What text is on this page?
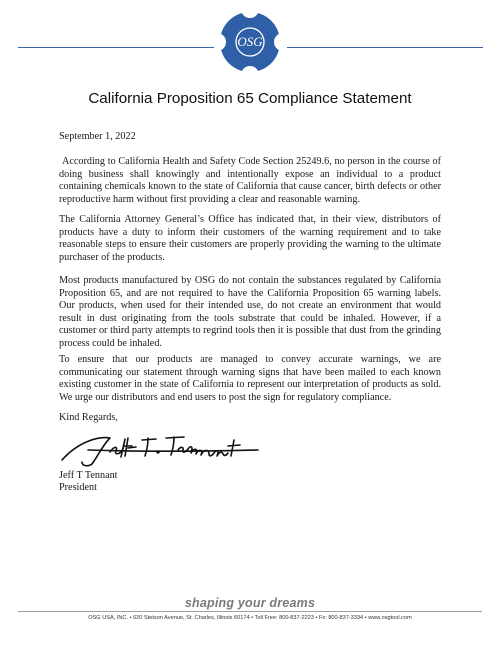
OSG
California Proposition 65 Compliance Statement
September 1, 2022

According to California Health and Safety Code Section 25249.6, no person in the course of doing business shall knowingly and intentionally expose an individual to a product containing chemicals known to the state of California that cause cancer, birth defects or other reproductive harm without first providing a clear and reasonable warning.

The California Attorney General’s Office has indicated that, in their view, distributors of products have a duty to inform their customers of the warning requirement and to take reasonable steps to ensure their customers are properly providing the warning to the ultimate purchaser of the products.

Most products manufactured by OSG do not contain the substances regulated by California Proposition 65, and are not required to have the California Proposition 65 warning labels. Our products, when used for their intended use, do not create an environment that would result in dust originating from the tools substrate that could be inhaled. However, if a customer or third party attempts to regrind tools then it is possible that dust from the grinding process could be inhaled.

To ensure that our products are managed to convey accurate warnings, we are communicating our statement through warning signs that have been mailed to each known existing customer in the state of California to represent our interpretation of products as sold. We urge our distributors and end users to post the sign for regulatory compliance.

Kind Regards,
Jeff T Tennant
President
shaping your dreams
OSG USA, INC. • 620 Stetson Avenue, St. Charles, Illinois 60174 • Toll Free: 800-837-2223 • Fx: 800-837-3334 • www.osgtool.com
